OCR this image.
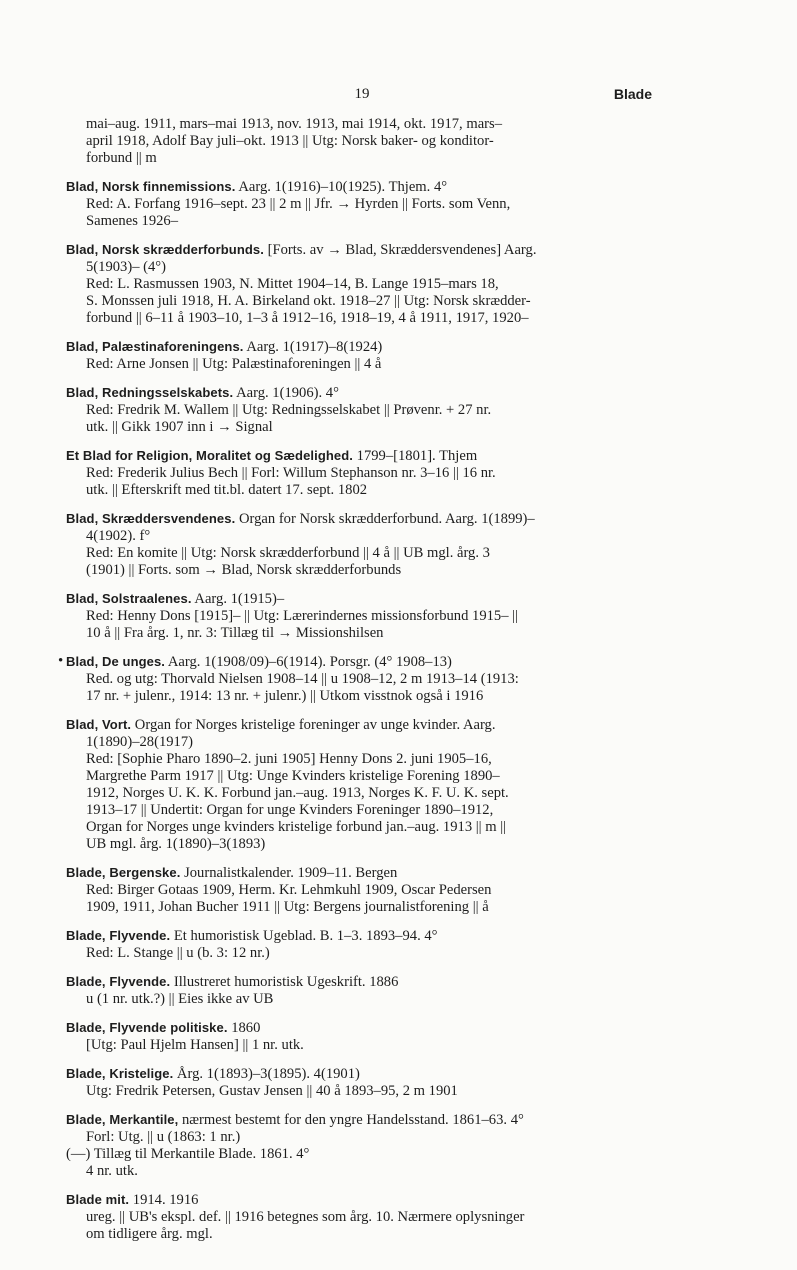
19	Blade
mai–aug. 1911, mars–mai 1913, nov. 1913, mai 1914, okt. 1917, mars–
april 1918, Adolf Bay juli–okt. 1913 || Utg: Norsk baker- og konditor-
forbund || m

Blad, Norsk finnemissions. Aarg. 1(1916)–10(1925). Thjem. 4°

Red: A. Forfang 1916–sept. 23 || 2 m || Jfr. → Hyrden || Forts. som Venn,
Samenes 1926–

Blad, Norsk skrædderforbunds. [Forts. av → Blad, Skræddersvendenes] Aarg.

5(1903)– (4°)
Red: L. Rasmussen 1903, N. Mittet 1904–14, B. Lange 1915–mars 18,
S. Monssen juli 1918, H. A. Birkeland okt. 1918–27 || Utg: Norsk skrædder-
forbund || 6–11 å 1903–10, 1–3 å 1912–16, 1918–19, 4 å 1911, 1917, 1920–

Blad, Palæstinaforeningens. Aarg. 1(1917)–8(1924)

Red: Arne Jonsen || Utg: Palæstinaforeningen || 4 å

Blad, Redningsselskabets. Aarg. 1(1906). 4°

Red: Fredrik M. Wallem || Utg: Redningsselskabet || Prøvenr. + 27 nr.
utk. || Gikk 1907 inn i → Signal

Et Blad for Religion, Moralitet og Sædelighed. 1799–[1801]. Thjem

Red: Frederik Julius Bech || Forl: Willum Stephanson nr. 3–16 || 16 nr.
utk. || Efterskrift med tit.bl. datert 17. sept. 1802

Blad, Skræddersvendenes. Organ for Norsk skrædderforbund. Aarg. 1(1899)–

4(1902). f°
Red: En komite || Utg: Norsk skrædderforbund || 4 å || UB mgl. årg. 3
(1901) || Forts. som → Blad, Norsk skrædderforbunds

Blad, Solstraalenes. Aarg. 1(1915)–

Red: Henny Dons [1915]– || Utg: Lærerindernes missionsforbund 1915– ||
10 å || Fra årg. 1, nr. 3: Tillæg til → Missionshilsen
• Blad, De unges. Aarg. 1(1908/09)–6(1914). Porsgr. (4° 1908–13)

Red. og utg: Thorvald Nielsen 1908–14 || u 1908–12, 2 m 1913–14 (1913:
17 nr. + julenr., 1914: 13 nr. + julenr.) || Utkom visstnok også i 1916

Blad, Vort. Organ for Norges kristelige foreninger av unge kvinder. Aarg.

1(1890)–28(1917)
Red: [Sophie Pharo 1890–2. juni 1905] Henny Dons 2. juni 1905–16,
Margrethe Parm 1917 || Utg: Unge Kvinders kristelige Forening 1890–
1912, Norges U. K. K. Forbund jan.–aug. 1913, Norges K. F. U. K. sept.
1913–17 || Undertit: Organ for unge Kvinders Foreninger 1890–1912,
Organ for Norges unge kvinders kristelige forbund jan.–aug. 1913 || m ||
UB mgl. årg. 1(1890)–3(1893)

Blade, Bergenske. Journalistkalender. 1909–11. Bergen

Red: Birger Gotaas 1909, Herm. Kr. Lehmkuhl 1909, Oscar Pedersen
1909, 1911, Johan Bucher 1911 || Utg: Bergens journalistforening || å

Blade, Flyvende. Et humoristisk Ugeblad. B. 1–3. 1893–94. 4°

Red: L. Stange || u (b. 3: 12 nr.)

Blade, Flyvende. Illustreret humoristisk Ugeskrift. 1886

u (1 nr. utk.?) || Eies ikke av UB

Blade, Flyvende politiske. 1860

[Utg: Paul Hjelm Hansen] || 1 nr. utk.

Blade, Kristelige. Årg. 1(1893)–3(1895). 4(1901)

Utg: Fredrik Petersen, Gustav Jensen || 40 å 1893–95, 2 m 1901

Blade, Merkantile, nærmest bestemt for den yngre Handelsstand. 1861–63. 4°

Forl: Utg. || u (1863: 1 nr.)
(—) Tillæg til Merkantile Blade. 1861. 4°
4 nr. utk.

Blade mit. 1914. 1916

ureg. || UB's ekspl. def. || 1916 betegnes som årg. 10. Nærmere oplysninger
om tidligere årg. mgl.
